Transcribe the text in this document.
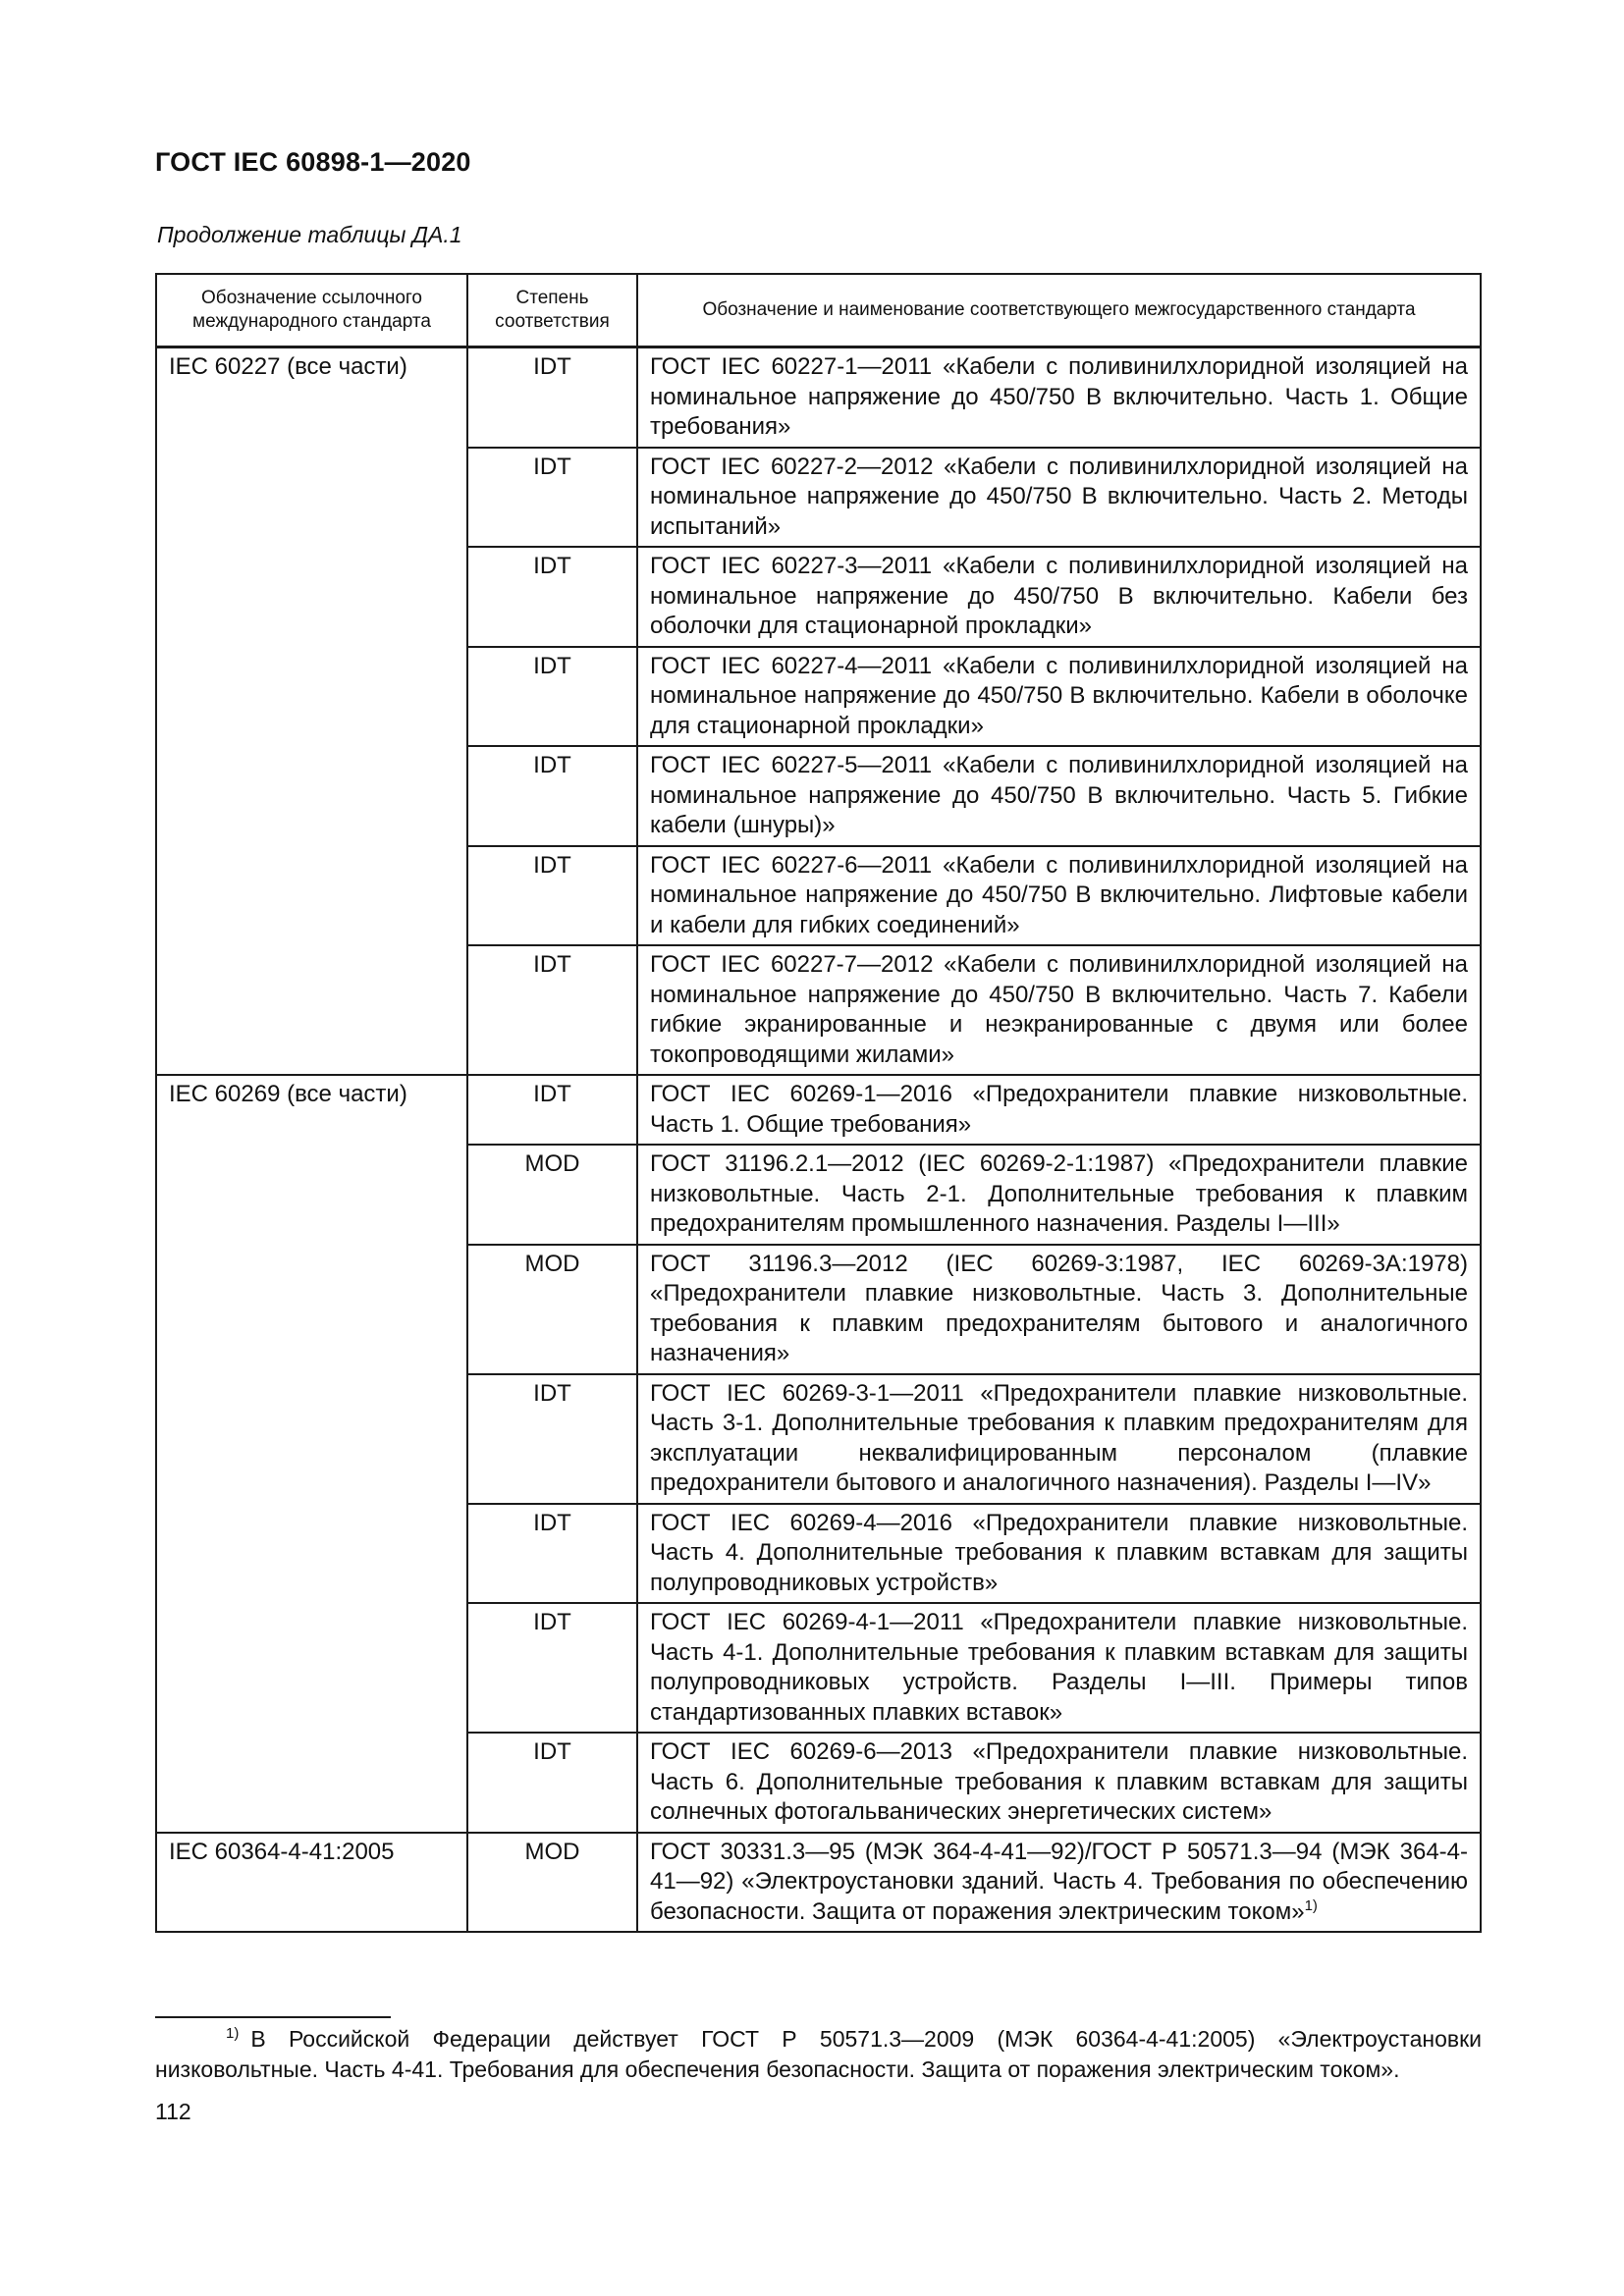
ГОСТ IEC 60898-1—2020
Продолжение таблицы ДА.1
Обозначение ссылочного международного стандарта	Степень соответствия	Обозначение и наименование соответствующего межгосударственного стандарта
IEC 60227 (все части)	IDT	ГОСТ IEC 60227-1—2011 «Кабели с поливинилхлоридной изоляцией на номинальное напряжение до 450/750 В включительно. Часть 1. Общие требования»
	IDT	ГОСТ IEC 60227-2—2012 «Кабели с поливинилхлоридной изоляцией на номинальное напряжение до 450/750 В включительно. Часть 2. Методы испытаний»
	IDT	ГОСТ IEC 60227-3—2011 «Кабели с поливинилхлоридной изоляцией на номинальное напряжение до 450/750 В включительно. Кабели без оболочки для стационарной прокладки»
	IDT	ГОСТ IEC 60227-4—2011 «Кабели с поливинилхлоридной изоляцией на номинальное напряжение до 450/750 В включительно. Кабели в оболочке для стационарной прокладки»
	IDT	ГОСТ IEC 60227-5—2011 «Кабели с поливинилхлоридной изоляцией на номинальное напряжение до 450/750 В включительно. Часть 5. Гибкие кабели (шнуры)»
	IDT	ГОСТ IEC 60227-6—2011 «Кабели с поливинилхлоридной изоляцией на номинальное напряжение до 450/750 В включительно. Лифтовые кабели и кабели для гибких соединений»
	IDT	ГОСТ IEC 60227-7—2012 «Кабели с поливинилхлоридной изоляцией на номинальное напряжение до 450/750 В включительно. Часть 7. Кабели гибкие экранированные и неэкранированные с двумя или более токопроводящими жилами»
IEC 60269 (все части)	IDT	ГОСТ IEC 60269-1—2016 «Предохранители плавкие низковольтные. Часть 1. Общие требования»
	MOD	ГОСТ 31196.2.1—2012 (IEC 60269-2-1:1987) «Предохранители плавкие низковольтные. Часть 2-1. Дополнительные требования к плавким предохранителям промышленного назначения. Разделы I—III»
	MOD	ГОСТ 31196.3—2012 (IEC 60269-3:1987, IEC 60269-3А:1978) «Предохранители плавкие низковольтные. Часть 3. Дополнительные требования к плавким предохранителям бытового и аналогичного назначения»
	IDT	ГОСТ IEC 60269-3-1—2011 «Предохранители плавкие низковольтные. Часть 3-1. Дополнительные требования к плавким предохранителям для эксплуатации неквалифицированным персоналом (плавкие предохранители бытового и аналогичного назначения). Разделы I—IV»
	IDT	ГОСТ IEC 60269-4—2016 «Предохранители плавкие низковольтные. Часть 4. Дополнительные требования к плавким вставкам для защиты полупроводниковых устройств»
	IDT	ГОСТ IEC 60269-4-1—2011 «Предохранители плавкие низковольтные. Часть 4-1. Дополнительные требования к плавким вставкам для защиты полупроводниковых устройств. Разделы I—III. Примеры типов стандартизованных плавких вставок»
	IDT	ГОСТ IEC 60269-6—2013 «Предохранители плавкие низковольтные. Часть 6. Дополнительные требования к плавким вставкам для защиты солнечных фотогальванических энергетических систем»
IEC 60364-4-41:2005	MOD	ГОСТ 30331.3—95 (МЭК 364-4-41—92)/ГОСТ Р 50571.3—94 (МЭК 364-4-41—92) «Электроустановки зданий. Часть 4. Требования по обеспечению безопасности. Защита от поражения электрическим током»$^{1)}$
$^{1)}$ В Российской Федерации действует ГОСТ Р 50571.3—2009 (МЭК 60364-4-41:2005) «Электроустановки низковольтные. Часть 4-41. Требования для обеспечения безопасности. Защита от поражения электрическим током».
112
